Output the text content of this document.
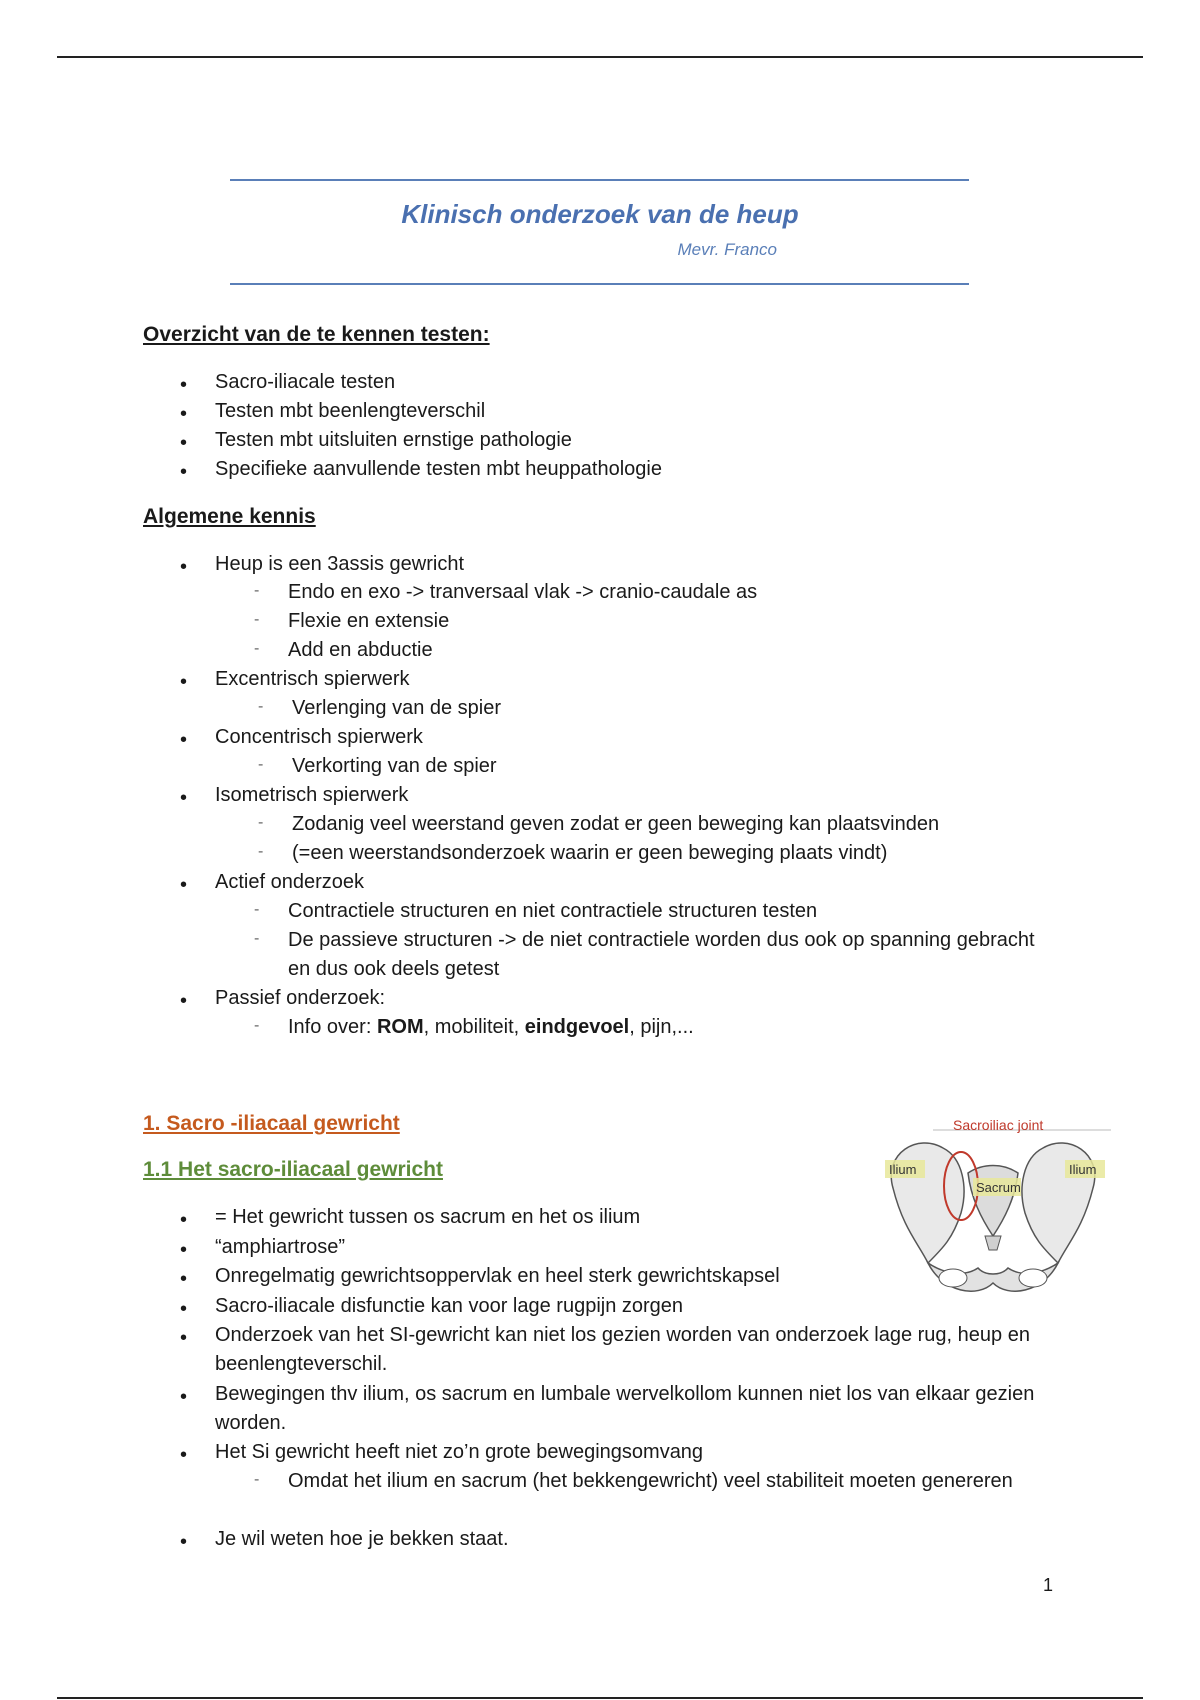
Klinisch onderzoek van de heup
Mevr. Franco
Overzicht van de te kennen testen:
•	Sacro-iliacale testen
•	Testen mbt beenlengteverschil
•	Testen mbt uitsluiten ernstige pathologie
•	Specifieke aanvullende testen mbt heuppathologie
Algemene kennis
•	Heup is een 3assis gewricht
-	Endo en exo -> tranversaal vlak -> cranio-caudale as
-	Flexie en extensie
-	Add en abductie
•	Excentrisch spierwerk
-	Verlenging van de spier
•	Concentrisch spierwerk
-	Verkorting van de spier
•	Isometrisch spierwerk
-	Zodanig veel weerstand geven zodat er geen beweging kan plaatsvinden
-	(=een weerstandsonderzoek waarin er geen beweging plaats vindt)
•	Actief onderzoek
-	Contractiele structuren en niet contractiele structuren testen
-	De passieve structuren -> de niet contractiele worden dus ook op spanning gebracht
en dus ook deels getest
•	Passief onderzoek:
-	Info over: ROM, mobiliteit, eindgevoel, pijn,...
1. Sacro -iliacaal gewricht
1.1 Het sacro-iliacaal gewricht
•	= Het gewricht tussen os sacrum en het os ilium
•	“amphiartrose”
•	Onregelmatig gewrichtsoppervlak en heel sterk gewrichtskapsel
•	Sacro-iliacale disfunctie kan voor lage rugpijn zorgen
•	Onderzoek van het SI-gewricht kan niet los gezien worden van onderzoek lage rug, heup en
beenlengteverschil.
•	Bewegingen thv ilium, os sacrum en lumbale wervelkollom kunnen niet los van elkaar gezien
worden.
•	Het Si gewricht heeft niet zo’n grote bewegingsomvang
-	Omdat het ilium en sacrum (het bekkengewricht) veel stabiliteit moeten genereren
•	Je wil weten hoe je bekken staat.
Sacroiliac joint
Ilium	Ilium
Sacrum
1
